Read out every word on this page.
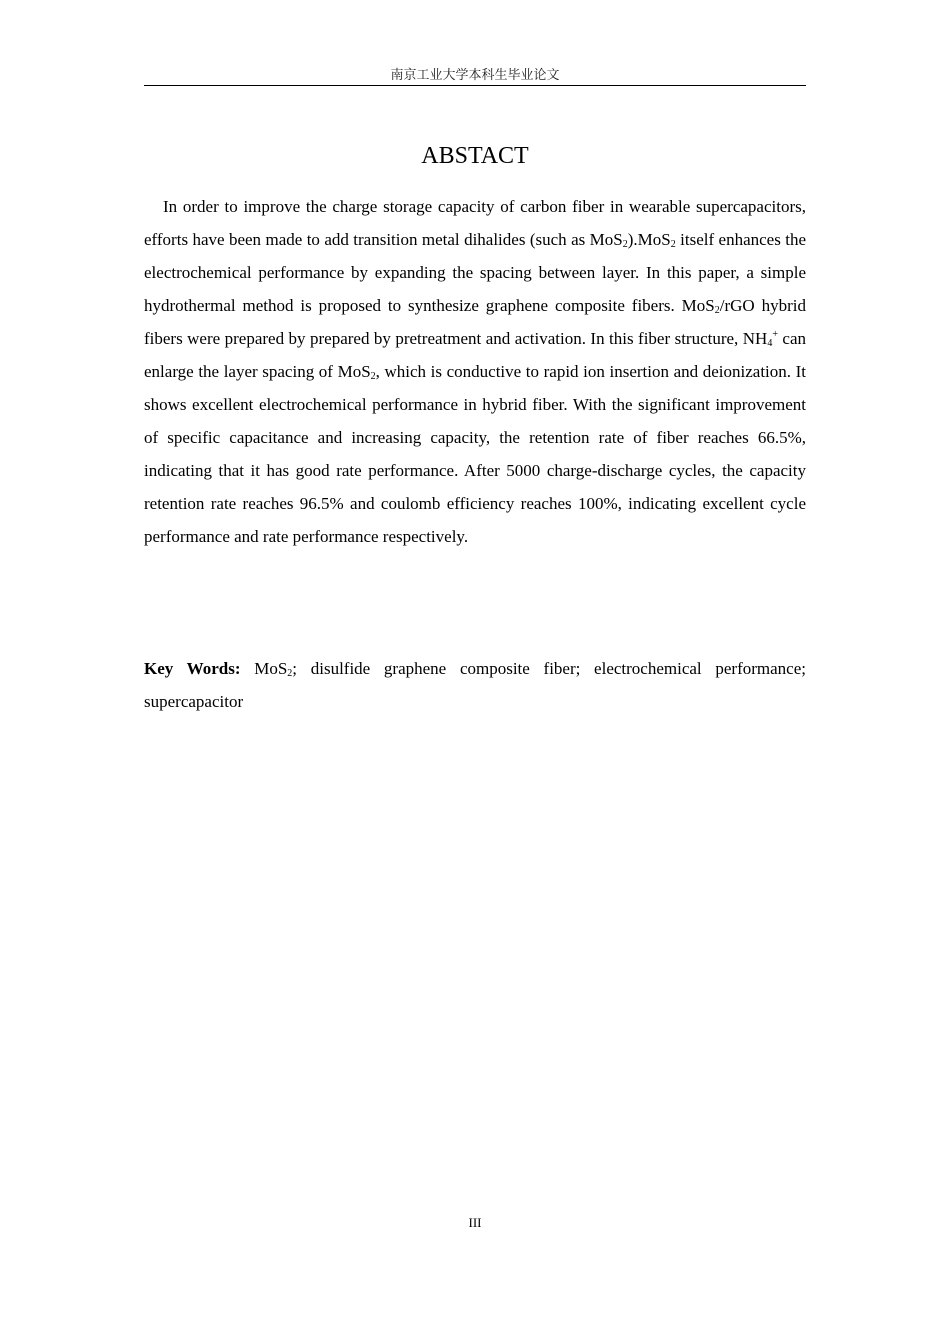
南京工业大学本科生毕业论文
ABSTACT

In order to improve the charge storage capacity of carbon fiber in wearable supercapacitors, efforts have been made to add transition metal dihalides (such as MoS$_2$).MoS$_2$ itself enhances the electrochemical performance by expanding the spacing between layer. In this paper, a simple hydrothermal method is proposed to synthesize graphene composite fibers. MoS$_2$/rGO hybrid fibers were prepared by prepared by pretreatment and activation. In this fiber structure, $NH_4^+$ can enlarge the layer spacing of MoS$_2$, which is conductive to rapid ion insertion and deionization. It shows excellent electrochemical performance in hybrid fiber. With the significant improvement of specific capacitance and increasing capacity, the retention rate of fiber reaches 66.5%, indicating that it has good rate performance. After 5000 charge-discharge cycles, the capacity retention rate reaches 96.5% and coulomb efficiency reaches 100%, indicating excellent cycle performance and rate performance respectively.

Key Words: MoS$_2$; disulfide graphene composite fiber; electrochemical performance; supercapacitor
III
